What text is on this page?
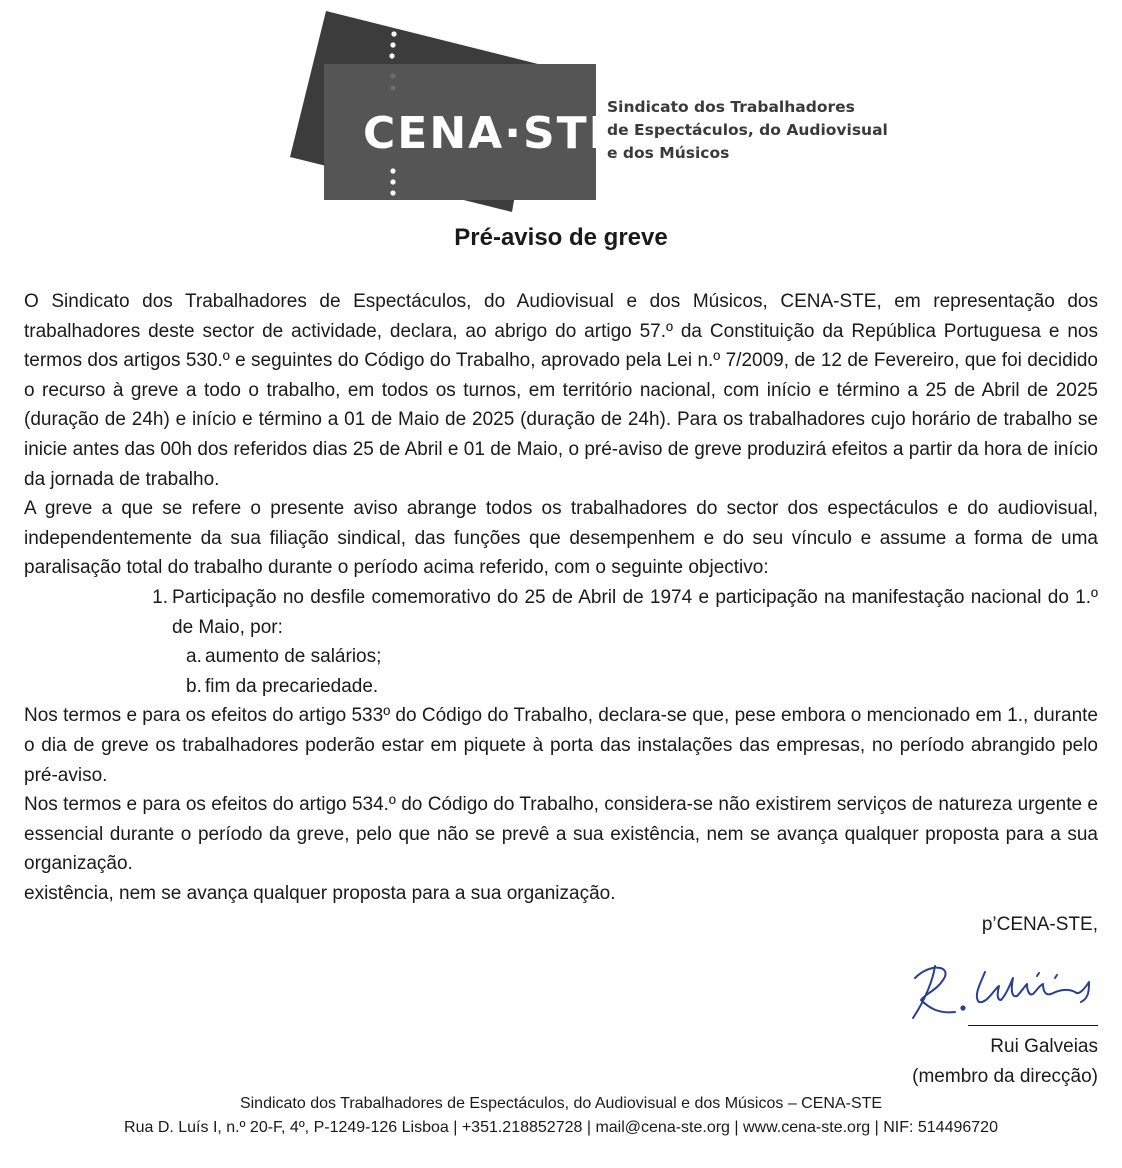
CENA·STE
Sindicato dos Trabalhadores
de Espectáculos, do Audiovisual
e dos Músicos
Pré-aviso de greve

O Sindicato dos Trabalhadores de Espectáculos, do Audiovisual e dos Músicos, CENA-STE, em representação dos trabalhadores deste sector de actividade, declara, ao abrigo do artigo 57.º da Constituição da República Portuguesa e nos termos dos artigos 530.º e seguintes do Código do Trabalho, aprovado pela Lei n.º 7/2009, de 12 de Fevereiro, que foi decidido o recurso à greve a todo o trabalho, em todos os turnos, em território nacional, com início e término a 25 de Abril de 2025 (duração de 24h) e início e término a 01 de Maio de 2025 (duração de 24h). Para os trabalhadores cujo horário de trabalho se inicie antes das 00h dos referidos dias 25 de Abril e 01 de Maio, o pré-aviso de greve produzirá efeitos a partir da hora de início da jornada de trabalho.

A greve a que se refere o presente aviso abrange todos os trabalhadores do sector dos espectáculos e do audiovisual, independentemente da sua filiação sindical, das funções que desempenhem e do seu vínculo e assume a forma de uma paralisação total do trabalho durante o período acima referido, com o seguinte objectivo:

1. Participação no desfile comemorativo do 25 de Abril de 1974 e participação na manifestação nacional do 1.º de Maio, por:
a. aumento de salários;
b. fim da precariedade.

Nos termos e para os efeitos do artigo 533º do Código do Trabalho, declara-se que, pese embora o mencionado em 1., durante o dia de greve os trabalhadores poderão estar em piquete à porta das instalações das empresas, no período abrangido pelo pré-aviso.

Nos termos e para os efeitos do artigo 534.º do Código do Trabalho, considera-se não existirem serviços de natureza urgente e essencial durante o período da greve, pelo que não se prevê a sua existência, nem se avança qualquer proposta para a sua organização.

existência, nem se avança qualquer proposta para a sua organização.

p’CENA-STE,
Rui Galveias
(membro da direcção)
Sindicato dos Trabalhadores de Espectáculos, do Audiovisual e dos Músicos – CENA-STE
Rua D. Luís I, n.º 20-F, 4º, P-1249-126 Lisboa | +351.218852728 | mail@cena-ste.org | www.cena-ste.org | NIF: 514496720
